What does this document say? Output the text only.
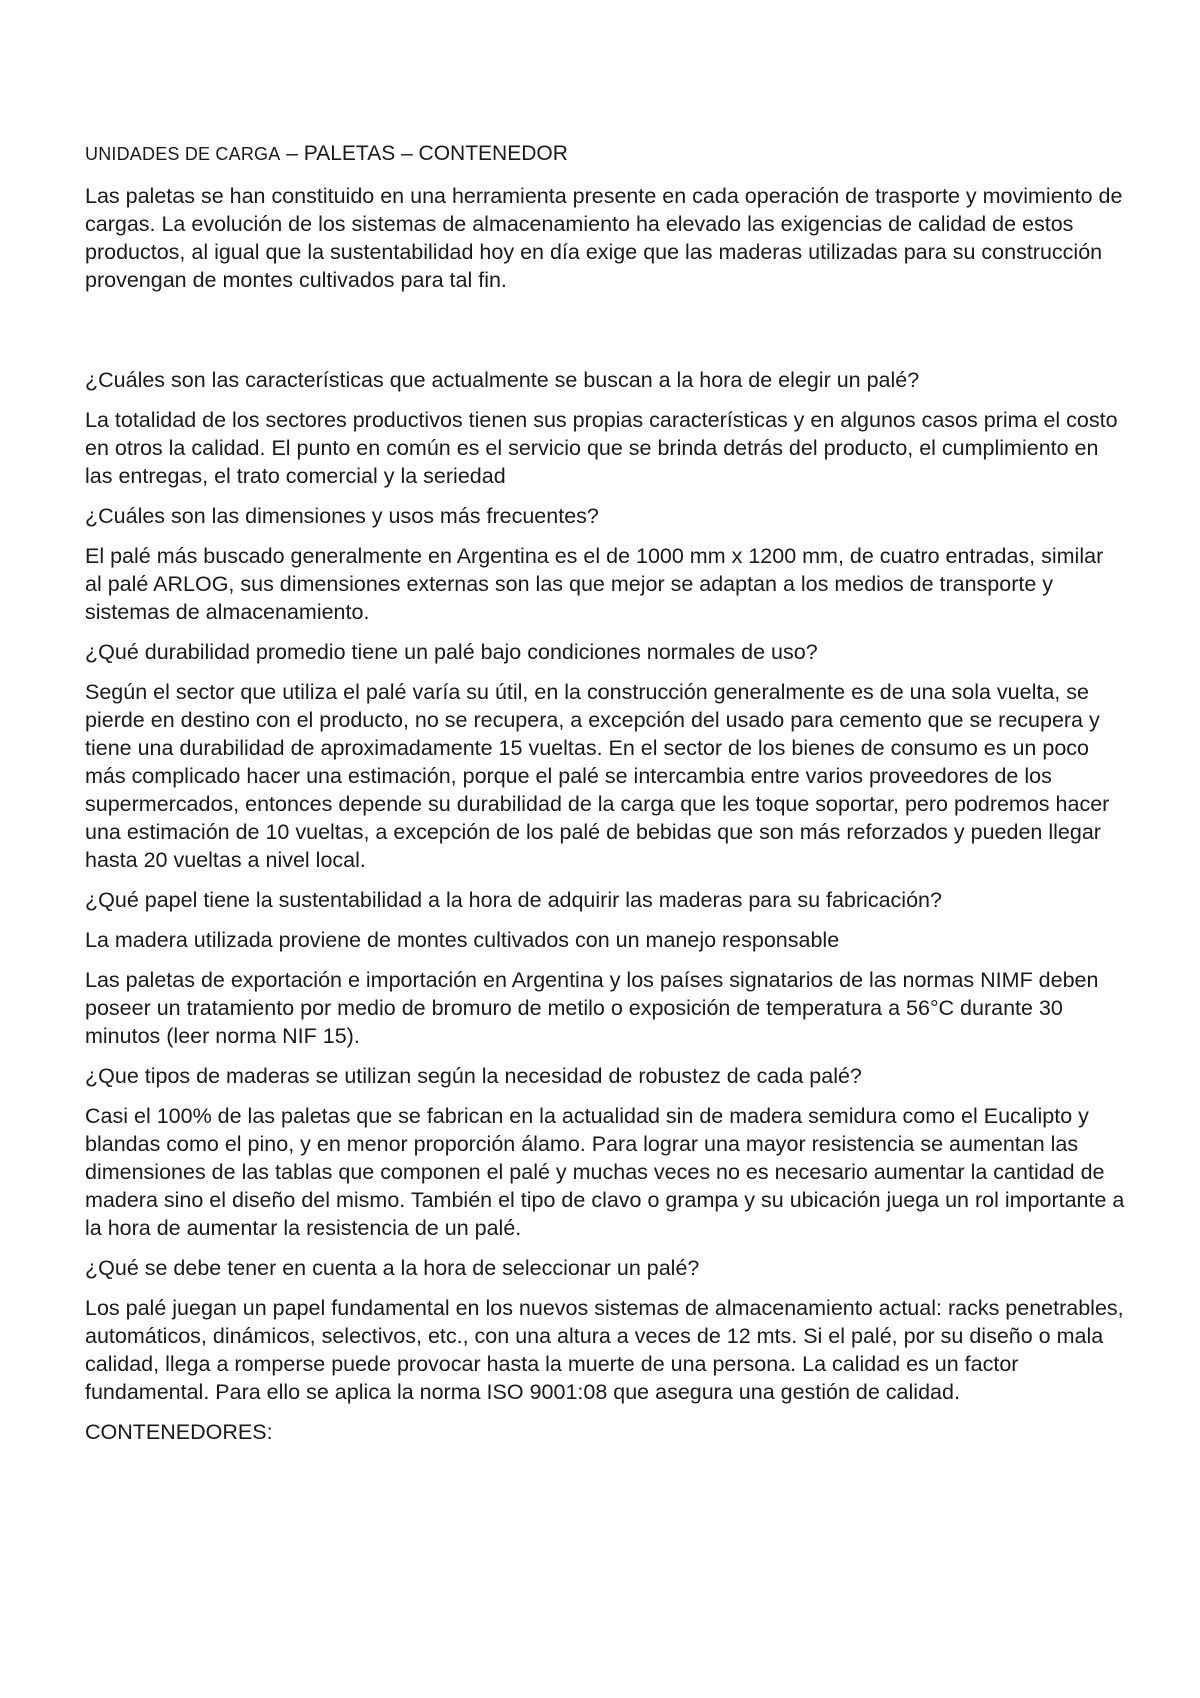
UNIDADES DE CARGA – PALETAS – CONTENEDOR

Las paletas se han constituido en una herramienta presente en cada operación de trasporte y movimiento de cargas. La evolución de los sistemas de almacenamiento ha elevado las exigencias de calidad de estos productos, al igual que la sustentabilidad hoy en día exige que las maderas utilizadas para su construcción provengan de montes cultivados para tal fin.

¿Cuáles son las características que actualmente se buscan a la hora de elegir un palé?

La totalidad de los sectores productivos tienen sus propias características y en algunos casos prima el costo en otros la calidad. El punto en común es el servicio que se brinda detrás del producto, el cumplimiento en las entregas, el trato comercial y la seriedad

¿Cuáles son las dimensiones y usos más frecuentes?

El palé más buscado generalmente en Argentina es el de 1000 mm x 1200 mm, de cuatro entradas, similar al palé ARLOG, sus dimensiones externas son las que mejor se adaptan a los medios de transporte y sistemas de almacenamiento.

¿Qué durabilidad promedio tiene un palé bajo condiciones normales de uso?

Según el sector que utiliza el palé varía su útil, en la construcción generalmente es de una sola vuelta, se pierde en destino con el producto, no se recupera, a excepción del usado para cemento que se recupera y tiene una durabilidad de aproximadamente 15 vueltas. En el sector de los bienes de consumo es un poco más complicado hacer una estimación, porque el palé se intercambia entre varios proveedores de los supermercados, entonces depende su durabilidad de la carga que les toque soportar, pero podremos hacer una estimación de 10 vueltas, a excepción de los palé de bebidas que son más reforzados y pueden llegar hasta 20 vueltas a nivel local.

¿Qué papel tiene la sustentabilidad a la hora de adquirir las maderas para su fabricación?

La madera utilizada proviene de montes cultivados con un manejo responsable

Las paletas de exportación e importación en Argentina y los países signatarios de las normas NIMF deben poseer un tratamiento por medio de bromuro de metilo o exposición de temperatura a 56°C durante 30 minutos (leer norma NIF 15).

¿Que tipos de maderas se utilizan según la necesidad de robustez de cada palé?

Casi el 100% de las paletas que se fabrican en la actualidad sin de madera semidura como el Eucalipto y blandas como el pino, y en menor proporción álamo. Para lograr una mayor resistencia se aumentan las dimensiones de las tablas que componen el palé y muchas veces no es necesario aumentar la cantidad de madera sino el diseño del mismo. También el tipo de clavo o grampa y su ubicación juega un rol importante a la hora de aumentar la resistencia de un palé.

¿Qué se debe tener en cuenta a la hora de seleccionar un palé?

Los palé juegan un papel fundamental en los nuevos sistemas de almacenamiento actual: racks penetrables, automáticos, dinámicos, selectivos, etc., con una altura a veces de 12 mts. Si el palé, por su diseño o mala calidad, llega a romperse puede provocar hasta la muerte de una persona. La calidad es un factor fundamental. Para ello se aplica la norma ISO 9001:08 que asegura una gestión de calidad.

CONTENEDORES:
